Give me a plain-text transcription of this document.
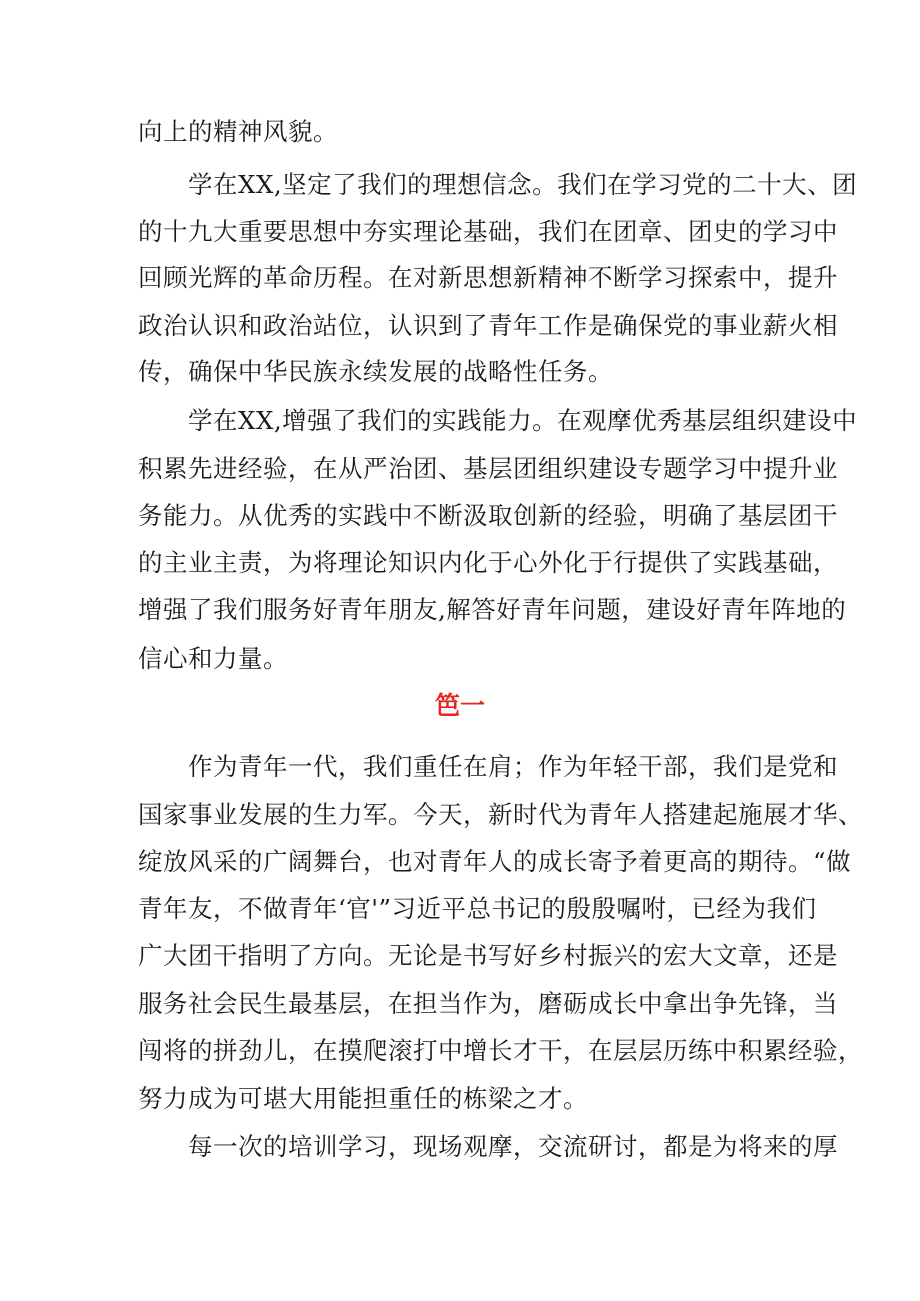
向上的精神风貌。
学在XX,坚定了我们的理想信念。我们在学习党的二十大、团
的十九大重要思想中夯实理论基础，我们在团章、团史的学习中
回顾光辉的革命历程。在对新思想新精神不断学习探索中，提升
政治认识和政治站位，认识到了青年工作是确保党的事业薪火相
传，确保中华民族永续发展的战略性任务。
学在XX,增强了我们的实践能力。在观摩优秀基层组织建设中
积累先进经验，在从严治团、基层团组织建设专题学习中提升业
务能力。从优秀的实践中不断汲取创新的经验，明确了基层团干
的主业主责，为将理论知识内化于心外化于行提供了实践基础，
增强了我们服务好青年朋友,解答好青年问题，建设好青年阵地的
信心和力量。
笆一
作为青年一代，我们重任在肩；作为年轻干部，我们是党和
国家事业发展的生力军。今天，新时代为青年人搭建起施展才华、
绽放风采的广阔舞台，也对青年人的成长寄予着更高的期待。“做
青年友，不做青年‘官'”习近平总书记的殷殷嘱咐，已经为我们
广大团干指明了方向。无论是书写好乡村振兴的宏大文章，还是
服务社会民生最基层，在担当作为，磨砺成长中拿出争先锋，当
闯将的拼劲儿，在摸爬滚打中增长才干，在层层历练中积累经验，
努力成为可堪大用能担重任的栋梁之才。
每一次的培训学习，现场观摩，交流研讨，都是为将来的厚
